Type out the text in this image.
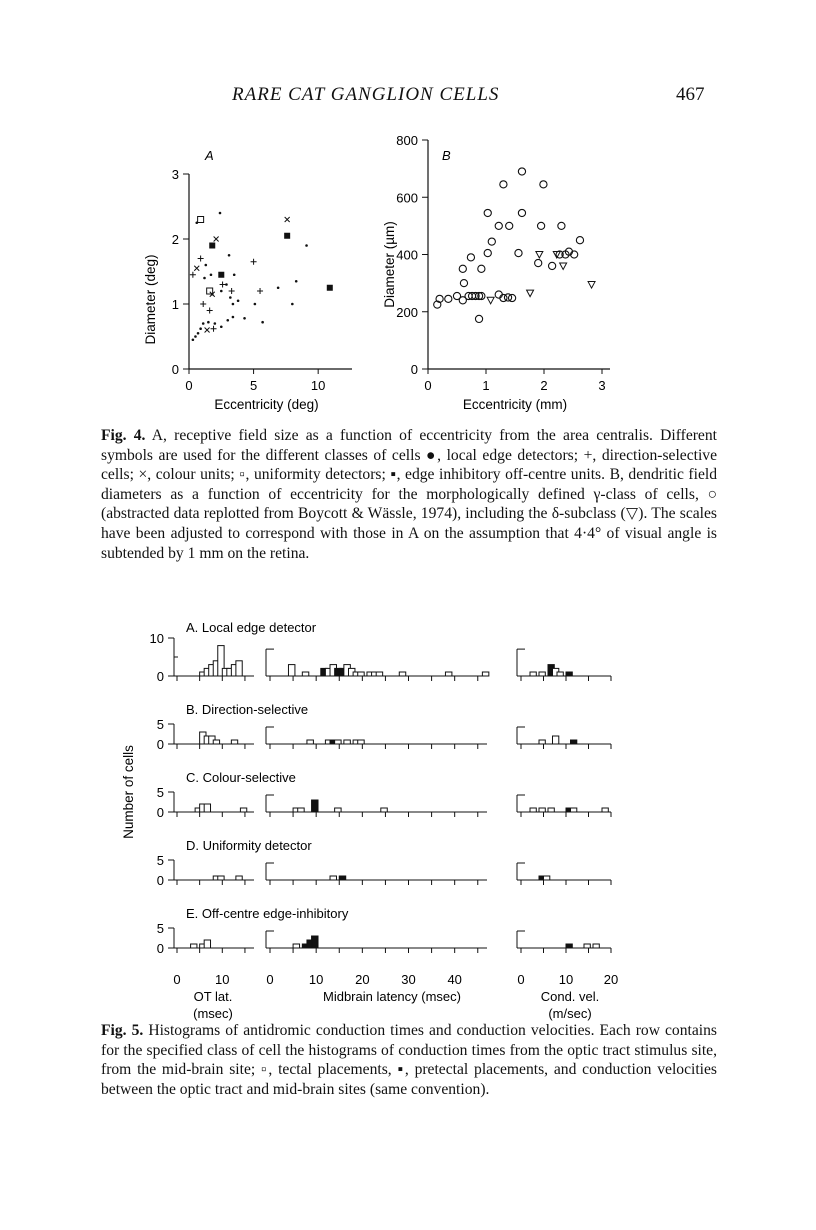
RARE CAT GANGLION CELLS	467
0	5	10
0
1
2
3
Eccentricity (deg)
Diameter (deg)
A
0	1	2	3
0
200
400
600
800
Eccentricity (mm)
Diameter (µm)
B
Fig. 4. A, receptive field size as a function of eccentricity from the area centralis. Different symbols are used for the different classes of cells ●, local edge detectors; +, direction-selective cells; ×, colour units; ▫, uniformity detectors; ▪, edge inhibitory off-centre units. B, dendritic field diameters as a function of eccentricity for the morphologically defined γ-class of cells, ○ (abstracted data replotted from Boycott & Wässle, 1974), including the δ-subclass (▽). The scales have been adjusted to correspond with those in A on the assumption that 4·4° of visual angle is subtended by 1 mm on the retina.
Number of cells
A. Local edge detector
0
10
B. Direction-selective
0
5
C. Colour-selective
0
5
D. Uniformity detector
0
5
E. Off-centre edge-inhibitory
0
5
0	10	0	10 20 30 40	0	10 20
OT lat.
(msec)
Midbrain latency (msec)	Cond. vel.
(m/sec)
Fig. 5. Histograms of antidromic conduction times and conduction velocities. Each row contains for the specified class of cell the histograms of conduction times from the optic tract stimulus site, from the mid-brain site; ▫, tectal placements, ▪, pretectal placements, and conduction velocities between the optic tract and mid-brain sites (same convention).
